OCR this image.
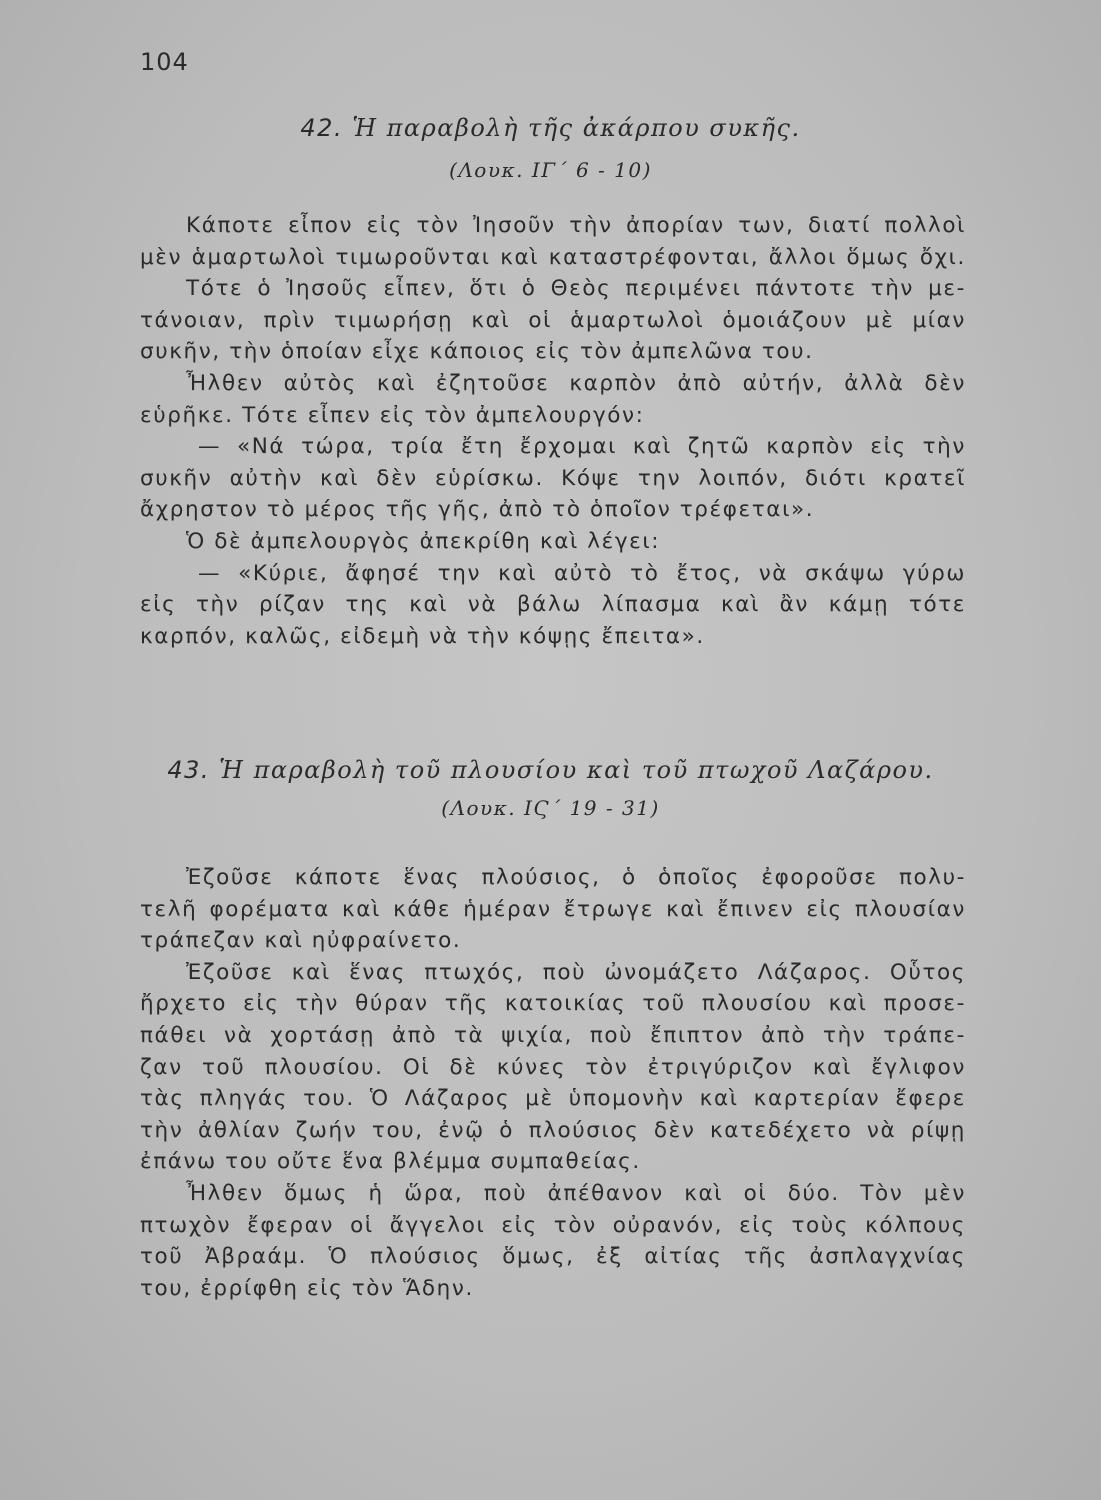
104
42. Ἡ παραβολὴ τῆς ἀκάρπου συκῆς.
(Λουκ. ΙΓ΄ 6 - 10)
Κάποτε εἶπον εἰς τὸν Ἰησοῦν τὴν ἀπορίαν των, διατί πολλοὶ
μὲν ἁμαρτωλοὶ τιμωροῦνται καὶ καταστρέφονται, ἄλλοι ὅμως ὄχι.
Τότε ὁ Ἰησοῦς εἶπεν, ὅτι ὁ Θεὸς περιμένει πάντοτε τὴν με-
τάνοιαν, πρὶν τιμωρήσῃ καὶ οἱ ἁμαρτωλοὶ ὁμοιάζουν μὲ μίαν
συκῆν, τὴν ὁποίαν εἶχε κάποιος εἰς τὸν ἀμπελῶνα του.
Ἦλθεν αὐτὸς καὶ ἐζητοῦσε καρπὸν ἀπὸ αὐτήν, ἀλλὰ δὲν
εὑρῆκε. Τότε εἶπεν εἰς τὸν ἀμπελουργόν:
— «Νά τώρα, τρία ἔτη ἔρχομαι καὶ ζητῶ καρπὸν εἰς τὴν
συκῆν αὐτὴν καὶ δὲν εὑρίσκω. Κόψε την λοιπόν, διότι κρατεῖ
ἄχρηστον τὸ μέρος τῆς γῆς, ἀπὸ τὸ ὁποῖον τρέφεται».
Ὁ δὲ ἀμπελουργὸς ἀπεκρίθη καὶ λέγει:
— «Κύριε, ἄφησέ την καὶ αὐτὸ τὸ ἔτος, νὰ σκάψω γύρω
εἰς τὴν ρίζαν της καὶ νὰ βάλω λίπασμα καὶ ἂν κάμῃ τότε
καρπόν, καλῶς, εἰδεμὴ νὰ τὴν κόψῃς ἔπειτα».
43. Ἡ παραβολὴ τοῦ πλουσίου καὶ τοῦ πτωχοῦ Λαζάρου.
(Λουκ. ΙϚ΄ 19 - 31)
Ἐζοῦσε κάποτε ἕνας πλούσιος, ὁ ὁποῖος ἐφοροῦσε πολυ-
τελῆ φορέματα καὶ κάθε ἡμέραν ἔτρωγε καὶ ἔπινεν εἰς πλουσίαν
τράπεζαν καὶ ηὐφραίνετο.
Ἐζοῦσε καὶ ἕνας πτωχός, ποὺ ὠνομάζετο Λάζαρος. Οὗτος
ἤρχετο εἰς τὴν θύραν τῆς κατοικίας τοῦ πλουσίου καὶ προσε-
πάθει νὰ χορτάσῃ ἀπὸ τὰ ψιχία, ποὺ ἔπιπτον ἀπὸ τὴν τράπε-
ζαν τοῦ πλουσίου. Οἱ δὲ κύνες τὸν ἐτριγύριζον καὶ ἔγλιφον
τὰς πληγάς του. Ὁ Λάζαρος μὲ ὑπομονὴν καὶ καρτερίαν ἔφερε
τὴν ἀθλίαν ζωήν του, ἐνῷ ὁ πλούσιος δὲν κατεδέχετο νὰ ρίψῃ
ἐπάνω του οὔτε ἕνα βλέμμα συμπαθείας.
Ἦλθεν ὅμως ἡ ὥρα, ποὺ ἀπέθανον καὶ οἱ δύο. Τὸν μὲν
πτωχὸν ἔφεραν οἱ ἄγγελοι εἰς τὸν οὐρανόν, εἰς τοὺς κόλπους
τοῦ Ἀβραάμ. Ὁ πλούσιος ὅμως, ἐξ αἰτίας τῆς ἀσπλαγχνίας
του, ἐρρίφθη εἰς τὸν Ἅδην.
